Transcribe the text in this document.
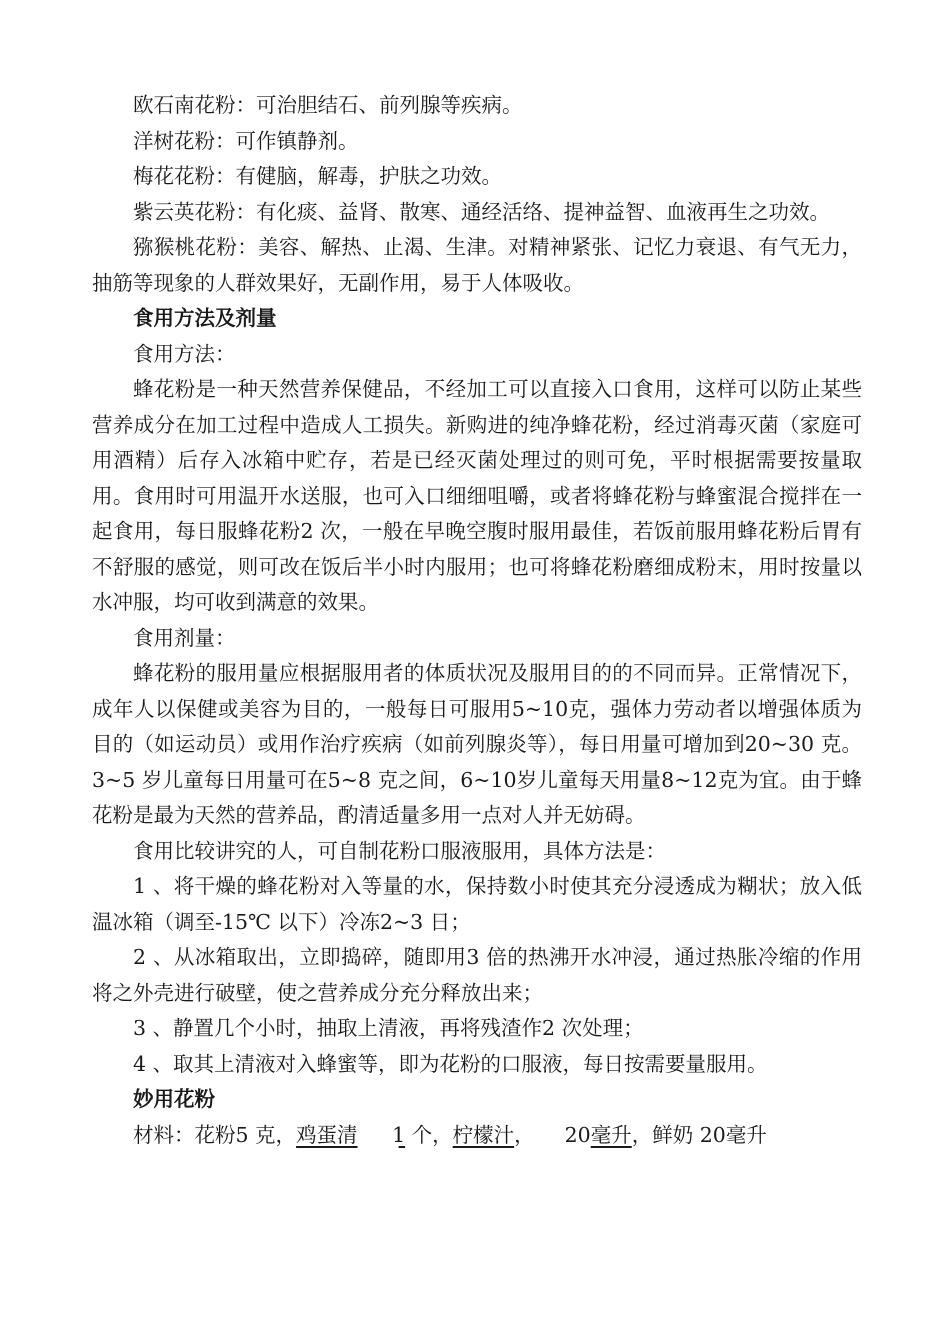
欧石南花粉：可治胆结石、前列腺等疾病。

洋树花粉：可作镇静剂。

梅花花粉：有健脑，解毒，护肤之功效。

紫云英花粉：有化痰、益肾、散寒、通经活络、提神益智、血液再生之功效。

猕猴桃花粉：美容、解热、止渴、生津。对精神紧张、记忆力衰退、有气无力，抽筋等现象的人群效果好，无副作用，易于人体吸收。

食用方法及剂量

食用方法：

蜂花粉是一种天然营养保健品，不经加工可以直接入口食用，这样可以防止某些营养成分在加工过程中造成人工损失。新购进的纯净蜂花粉，经过消毒灭菌（家庭可用酒精）后存入冰箱中贮存，若是已经灭菌处理过的则可免，平时根据需要按量取用。食用时可用温开水送服，也可入口细细咀嚼，或者将蜂花粉与蜂蜜混合搅拌在一起食用，每日服蜂花粉2 次，一般在早晚空腹时服用最佳，若饭前服用蜂花粉后胃有不舒服的感觉，则可改在饭后半小时内服用；也可将蜂花粉磨细成粉末，用时按量以水冲服，均可收到满意的效果。

食用剂量：

蜂花粉的服用量应根据服用者的体质状况及服用目的的不同而异。正常情况下，成年人以保健或美容为目的，一般每日可服用5~10克，强体力劳动者以增强体质为目的（如运动员）或用作治疗疾病（如前列腺炎等），每日用量可增加到20~30 克。3~5 岁儿童每日用量可在5~8 克之间，6~10岁儿童每天用量8~12克为宜。由于蜂花粉是最为天然的营养品，酌清适量多用一点对人并无妨碍。

食用比较讲究的人，可自制花粉口服液服用，具体方法是：

1 、将干燥的蜂花粉对入等量的水，保持数小时使其充分浸透成为糊状；放入低温冰箱（调至-15℃ 以下）冷冻2~3 日；

2 、从冰箱取出，立即捣碎，随即用3 倍的热沸开水冲浸，通过热胀冷缩的作用将之外壳进行破壁，使之营养成分充分释放出来；

3 、静置几个小时，抽取上清液，再将残渣作2 次处理；

4 、取其上清液对入蜂蜜等，即为花粉的口服液，每日按需要量服用。

妙用花粉

材料：花粉5 克，鸡蛋清  1 个，柠檬汁， 20毫升，鲜奶 20毫升
